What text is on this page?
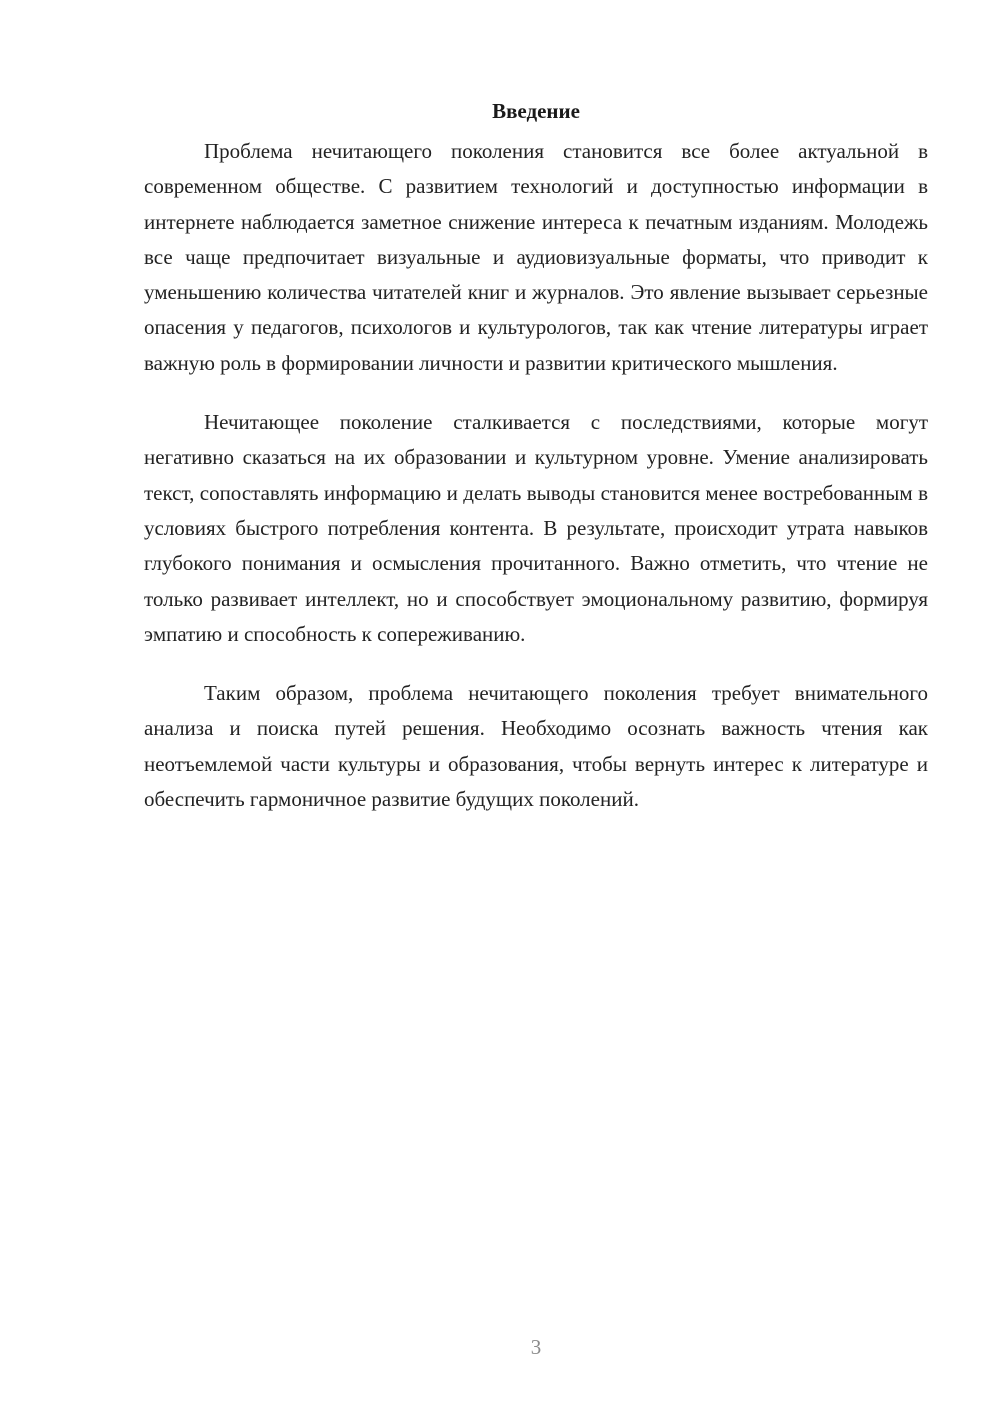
Введение

Проблема нечитающего поколения становится все более актуальной в современном обществе. С развитием технологий и доступностью информации в интернете наблюдается заметное снижение интереса к печатным изданиям. Молодежь все чаще предпочитает визуальные и аудиовизуальные форматы, что приводит к уменьшению количества читателей книг и журналов. Это явление вызывает серьезные опасения у педагогов, психологов и культурологов, так как чтение литературы играет важную роль в формировании личности и развитии критического мышления.

Нечитающее поколение сталкивается с последствиями, которые могут негативно сказаться на их образовании и культурном уровне. Умение анализировать текст, сопоставлять информацию и делать выводы становится менее востребованным в условиях быстрого потребления контента. В результате, происходит утрата навыков глубокого понимания и осмысления прочитанного. Важно отметить, что чтение не только развивает интеллект, но и способствует эмоциональному развитию, формируя эмпатию и способность к сопереживанию.

Таким образом, проблема нечитающего поколения требует внимательного анализа и поиска путей решения. Необходимо осознать важность чтения как неотъемлемой части культуры и образования, чтобы вернуть интерес к литературе и обеспечить гармоничное развитие будущих поколений.

3
